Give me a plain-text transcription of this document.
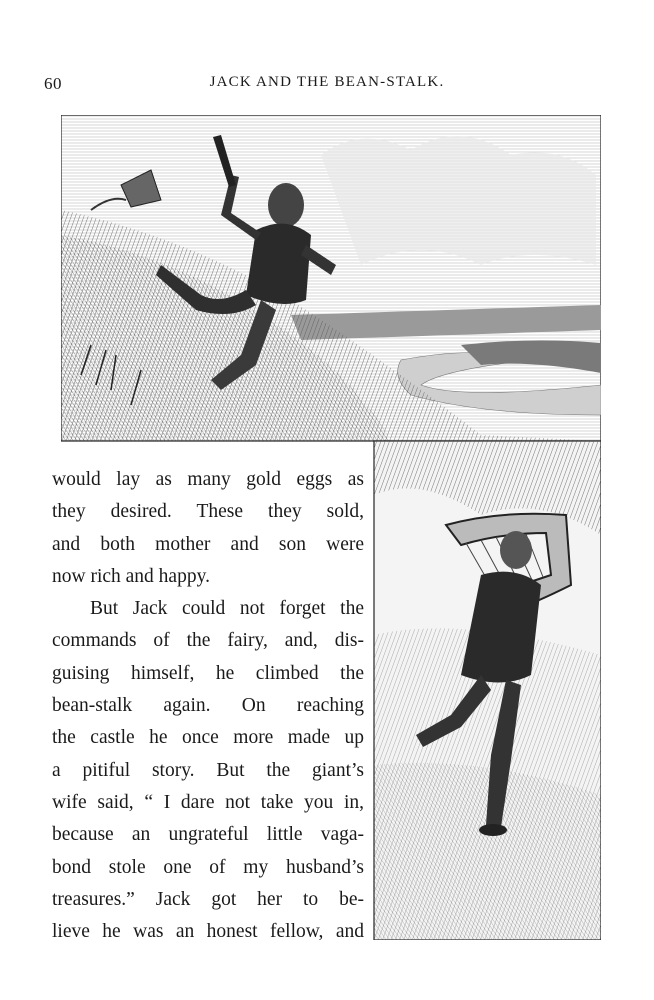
60	JACK AND THE BEAN-STALK.
would lay as many gold eggs as
they desired. These they sold,
and both mother and son were
now rich and happy.
But Jack could not forget the
commands of the fairy, and, dis-
guising himself, he climbed the
bean-stalk again. On reaching
the castle he once more made up
a pitiful story. But the giant’s
wife said, “ I dare not take you in,
because an ungrateful little vaga-
bond stole one of my husband’s
treasures.” Jack got her to be-
lieve he was an honest fellow, and
